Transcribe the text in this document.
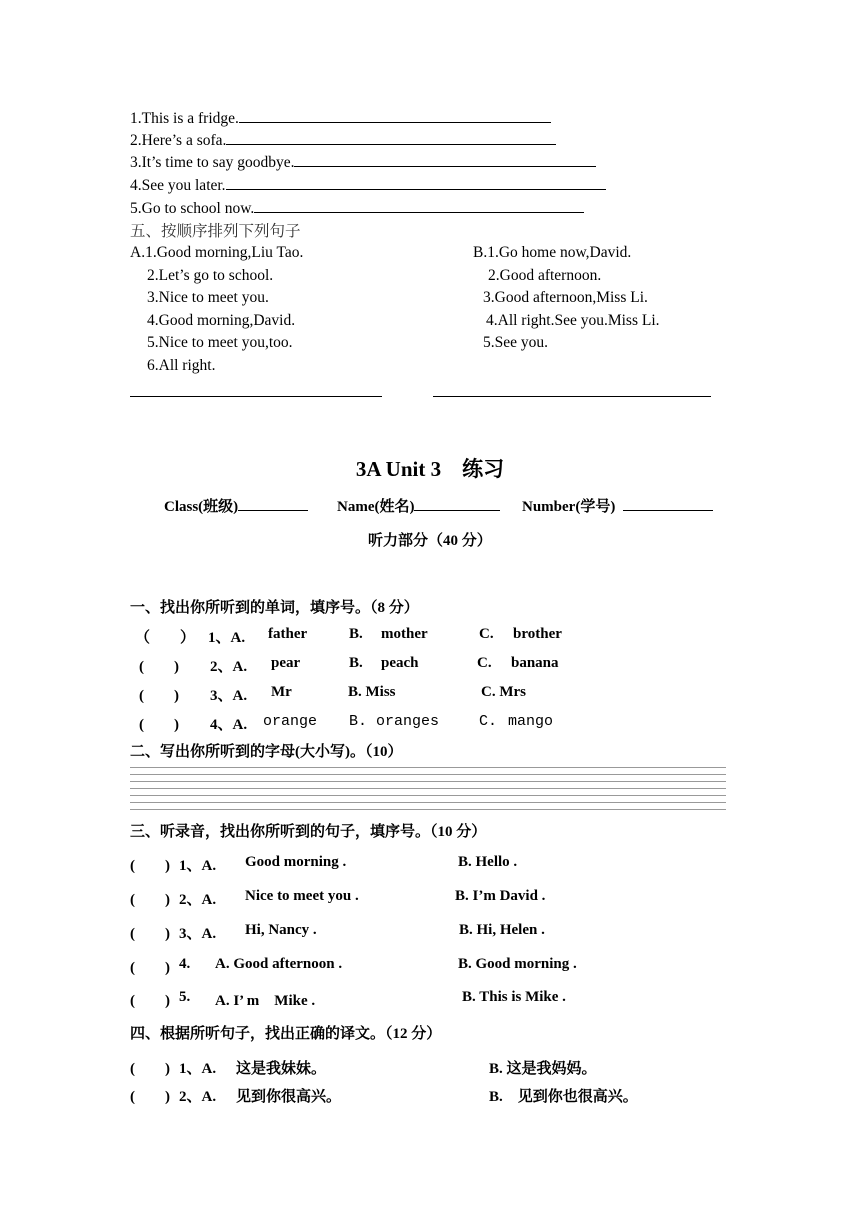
1.This is a fridge.
2.Here’s a sofa.
3.It’s time to say goodbye.
4.See you later.
5.Go to school now.
五、按顺序排列下列句子
A.1.Good morning,Liu Tao.
2.Let’s go to school.
3.Nice to meet you.
4.Good morning,David.
5.Nice to meet you,too.
6.All right.
B.1.Go home now,David.
2.Good afternoon.
3.Good afternoon,Miss Li.
4.All right.See you.Miss Li.
5.See you.
3A Unit 3　练习
Class(班级)	Name(姓名)	Number(学号)
听力部分（40 分）
一、找出你所听到的单词，填序号。（8 分）
（　　） 1、A. father	B. mother	C. brother
(　　) 2、A. pear	B. peach	C. banana
(　　) 3、A. Mr	B. Miss	C. Mrs
(　　) 4、A. orange B. oranges	C. mango
二、写出你所听到的字母(大小写)。（10）
三、听录音，找出你所听到的句子，填序号。（10 分）
(　　) 1、A. Good morning .	B. Hello .
(　　) 2、A. Nice to meet you .	B. I’m David .
(　　) 3、A. Hi, Nancy .	B. Hi, Helen .
(　　) 4. A. Good afternoon .	B. Good morning .
(　　) 5. A. I’ m　Mike .	B. This is Mike .
四、根据所听句子，找出正确的译文。（12 分）
(　　) 1、A. 这是我妹妹。	B. 这是我妈妈。
(　　) 2、A. 见到你很高兴。	B.　见到你也很高兴。
